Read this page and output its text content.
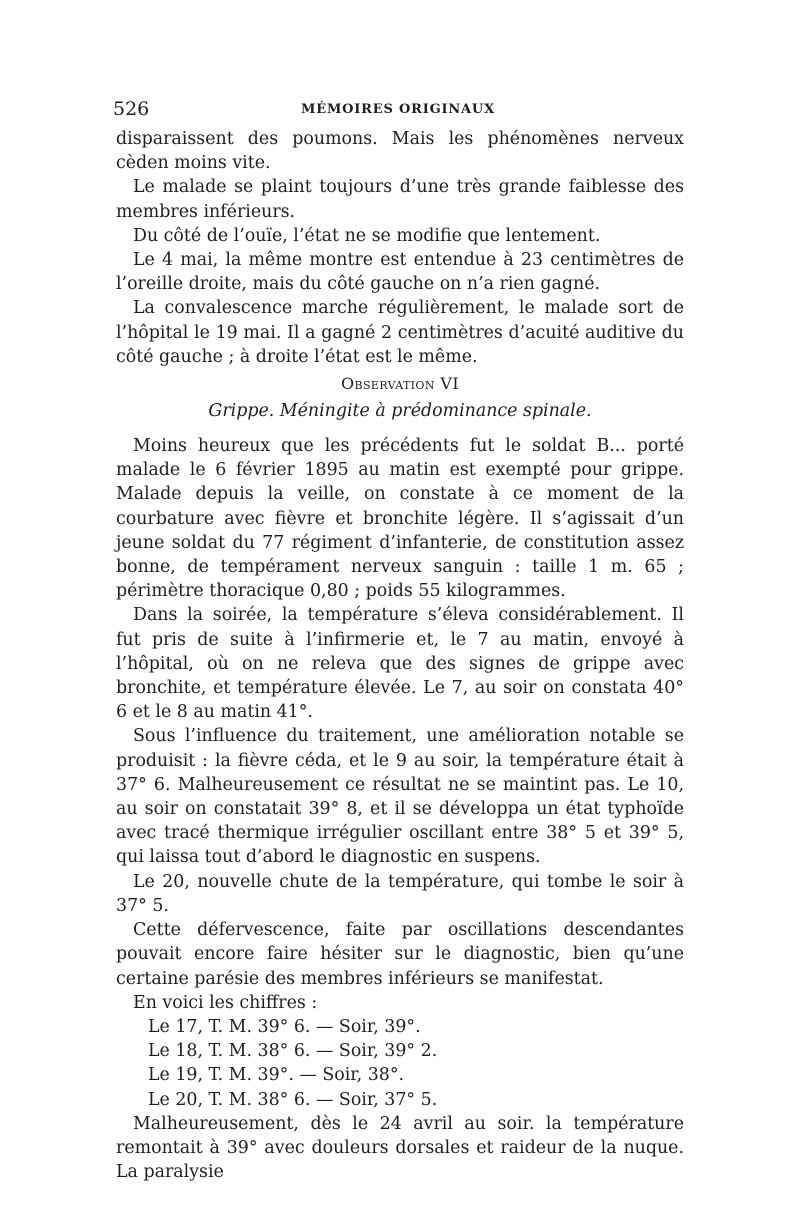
526	MÉMOIRES ORIGINAUX

disparaissent des poumons. Mais les phénomènes nerveux cèden moins vite.

Le malade se plaint toujours d’une très grande faiblesse des membres inférieurs.

Du côté de l’ouïe, l’état ne se modifie que lentement.

Le 4 mai, la même montre est entendue à 23 centimètres de l’oreille droite, mais du côté gauche on n’a rien gagné.

La convalescence marche régulièrement, le malade sort de l’hôpital le 19 mai. Il a gagné 2 centimètres d’acuité auditive du côté gauche ; à droite l’état est le même.

Observation VI
Grippe. Méningite à prédominance spinale.

Moins heureux que les précédents fut le soldat B... porté malade le 6 février 1895 au matin est exempté pour grippe. Malade depuis la veille, on constate à ce moment de la courbature avec fièvre et bronchite légère. Il s’agissait d’un jeune soldat du 77 régiment d’infanterie, de constitution assez bonne, de tempérament nerveux sanguin : taille 1 m. 65 ; périmètre thoracique 0,80 ; poids 55 kilogrammes.

Dans la soirée, la température s’éleva considérablement. Il fut pris de suite à l’infirmerie et, le 7 au matin, envoyé à l’hôpital, où on ne releva que des signes de grippe avec bronchite, et température élevée. Le 7, au soir on constata 40° 6 et le 8 au matin 41°.

Sous l’influence du traitement, une amélioration notable se produisit : la fièvre céda, et le 9 au soir, la température était à 37° 6. Malheureusement ce résultat ne se maintint pas. Le 10, au soir on constatait 39° 8, et il se développa un état typhoïde avec tracé thermique irrégulier oscillant entre 38° 5 et 39° 5, qui laissa tout d’abord le diagnostic en suspens.

Le 20, nouvelle chute de la température, qui tombe le soir à 37° 5.

Cette défervescence, faite par oscillations descendantes pouvait encore faire hésiter sur le diagnostic, bien qu’une certaine parésie des membres inférieurs se manifestat.

En voici les chiffres :

Le 17, T. M. 39° 6. — Soir, 39°.
Le 18, T. M. 38° 6. — Soir, 39° 2.
Le 19, T. M. 39°. — Soir, 38°.
Le 20, T. M. 38° 6. — Soir, 37° 5.

Malheureusement, dès le 24 avril au soir. la température remontait à 39° avec douleurs dorsales et raideur de la nuque. La paralysie
